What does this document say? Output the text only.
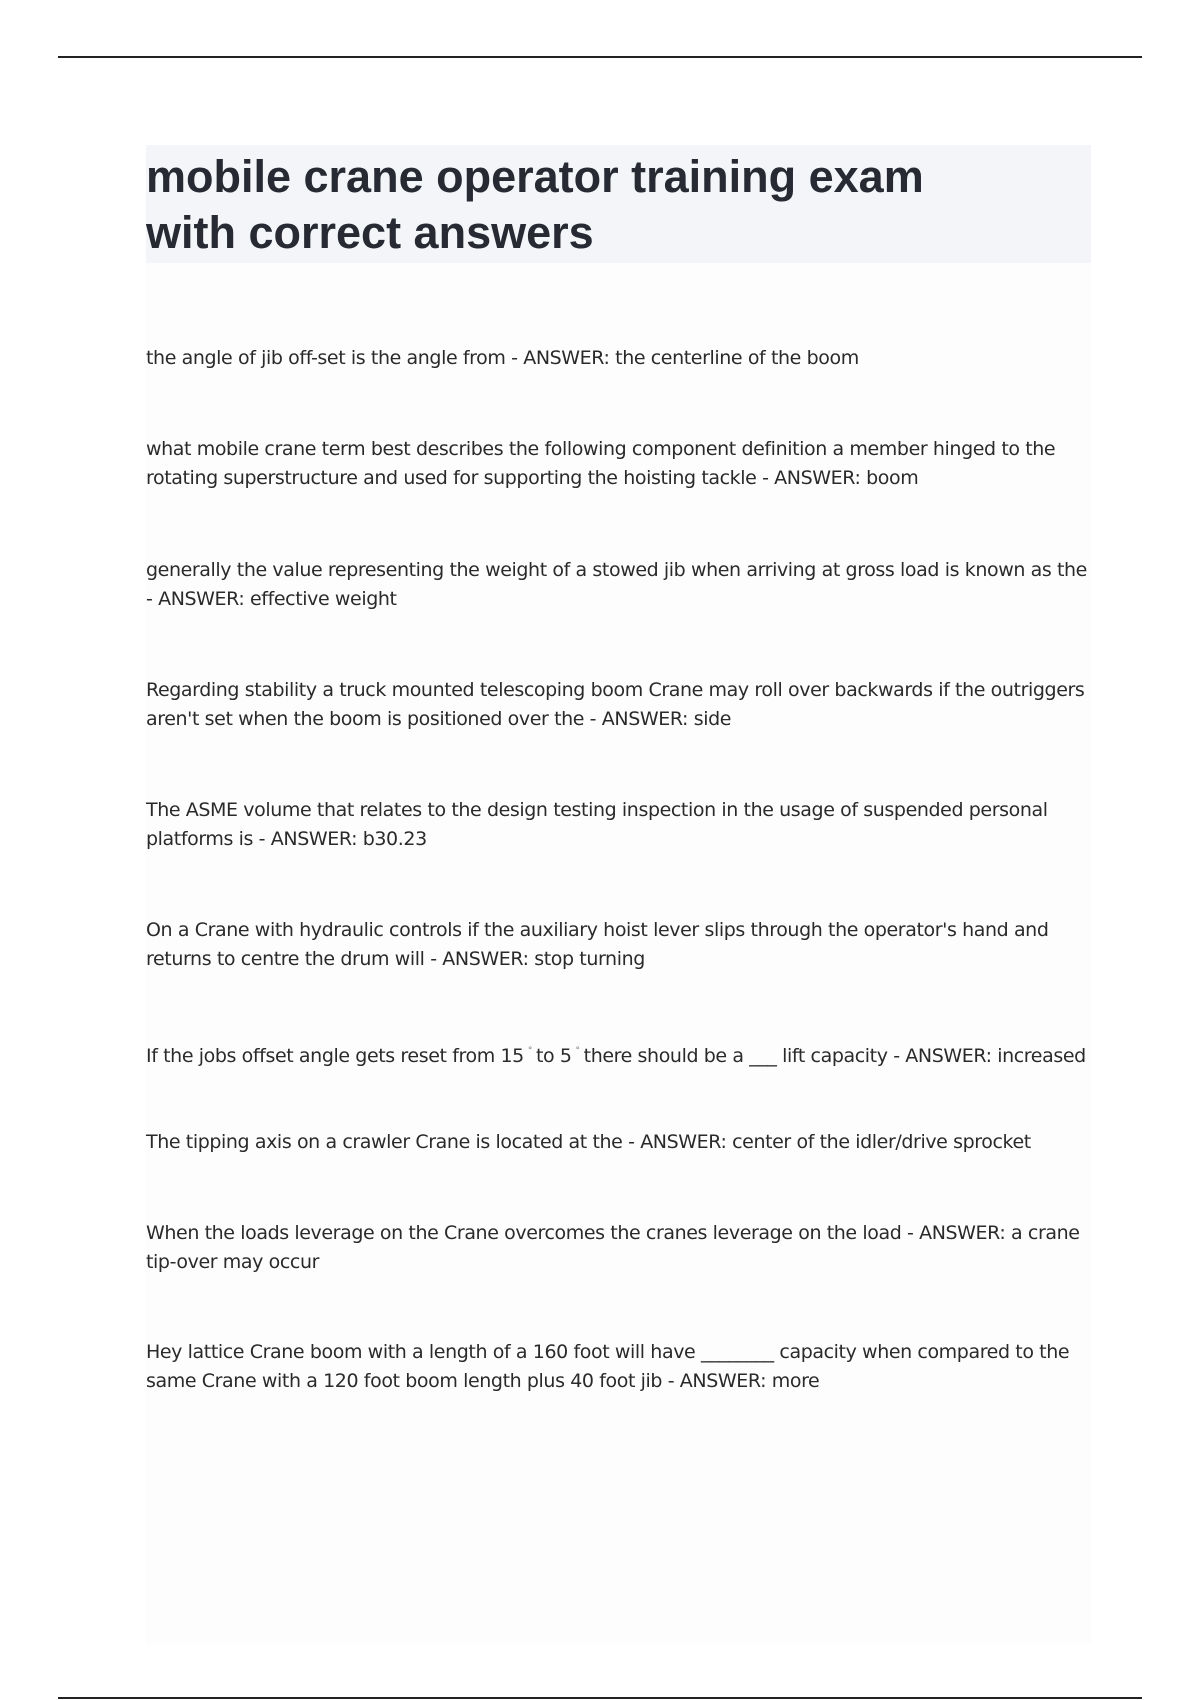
mobile crane operator training exam
with correct answers
the angle of jib off-set is the angle from - ANSWER: the centerline of the boom
what mobile crane term best describes the following component definition a member hinged to the rotating superstructure and used for supporting the hoisting tackle - ANSWER: boom
generally the value representing the weight of a stowed jib when arriving at gross load is known as the - ANSWER: effective weight
Regarding stability a truck mounted telescoping boom Crane may roll over backwards if the outriggers aren't set when the boom is positioned over the - ANSWER: side
The ASME volume that relates to the design testing inspection in the usage of suspended personal platforms is - ANSWER: b30.23
On a Crane with hydraulic controls if the auxiliary hoist lever slips through the operator's hand and returns to centre the drum will - ANSWER: stop turning
If the jobs offset angle gets reset from 15 ° to 5 ° there should be a ___ lift capacity - ANSWER: increased
The tipping axis on a crawler Crane is located at the - ANSWER: center of the idler/drive sprocket
When the loads leverage on the Crane overcomes the cranes leverage on the load - ANSWER: a crane tip-over may occur
Hey lattice Crane boom with a length of a 160 foot will have ________ capacity when compared to the same Crane with a 120 foot boom length plus 40 foot jib - ANSWER: more
